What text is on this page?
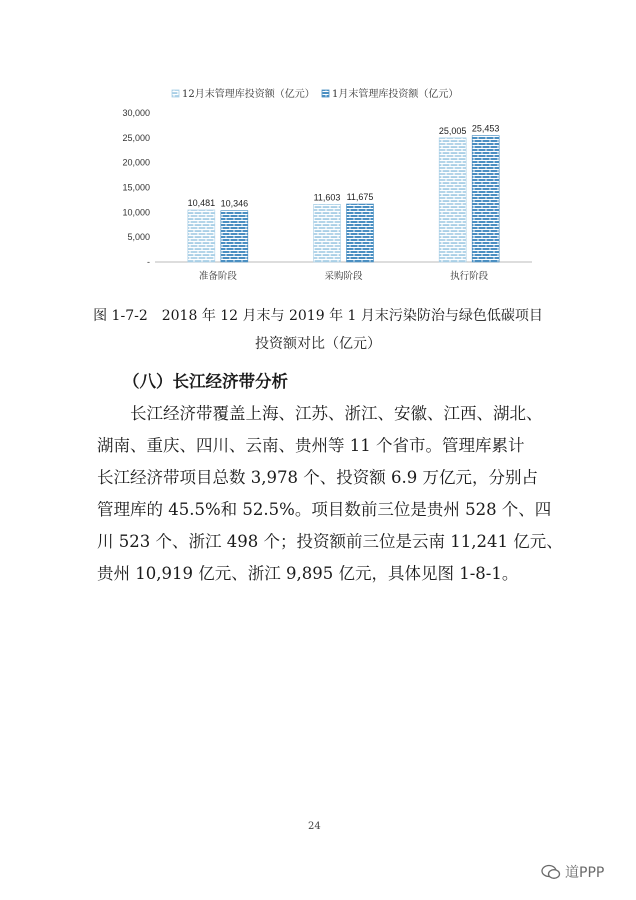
-
5,000
10,000
15,000
20,000
25,000
30,000
10,481 10,346
准备阶段
11,603 11,675
采购阶段
25,005 25,453
执行阶段
12月末管理库投资额（亿元） 1月末管理库投资额（亿元）
图 1-7-2　2018 年 12 月末与 2019 年 1 月末污染防治与绿色低碳项目
投资额对比（亿元）
（八）长江经济带分析

长江经济带覆盖上海、江苏、浙江、安徽、江西、湖北、

湖南、重庆、四川、云南、贵州等 11 个省市。管理库累计

长江经济带项目总数 3,978 个、投资额 6.9 万亿元，分别占

管理库的 45.5%和 52.5%。项目数前三位是贵州 528 个、四

川 523 个、浙江 498 个；投资额前三位是云南 11,241 亿元、

贵州 10,919 亿元、浙江 9,895 亿元，具体见图 1-8-1。

24
道PPP
